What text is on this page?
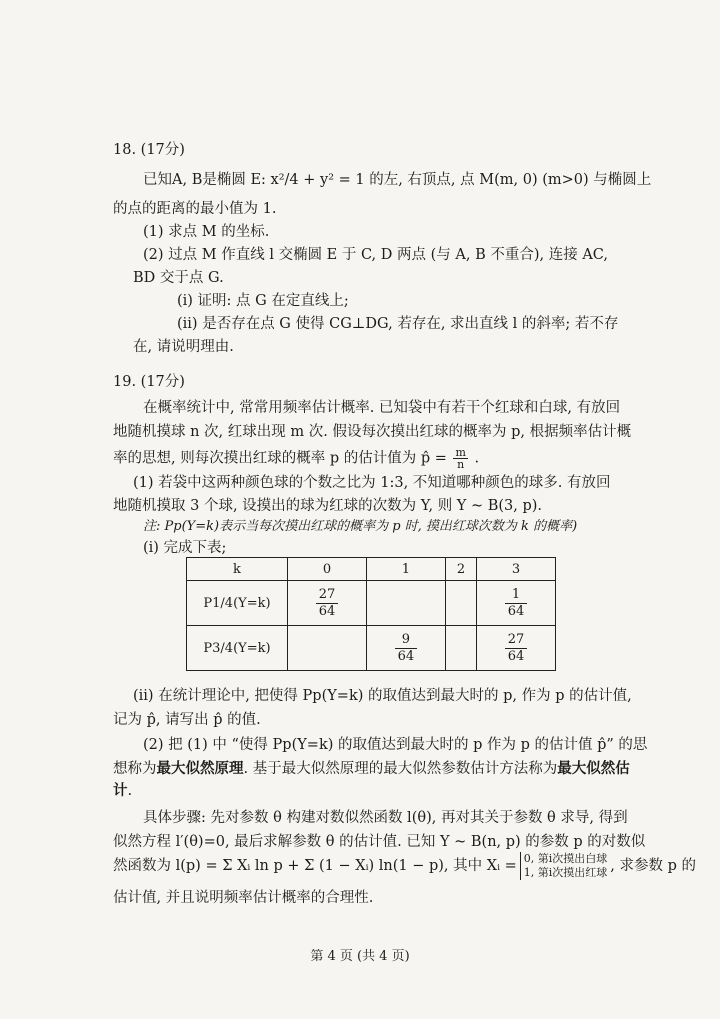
18. (17分)
已知A, B是椭圆 E: x²/4 + y² = 1 的左, 右顶点, 点 M(m, 0) (m>0) 与椭圆上
的点的距离的最小值为 1.
(1) 求点 M 的坐标.
(2) 过点 M 作直线 l 交椭圆 E 于 C, D 两点 (与 A, B 不重合), 连接 AC,
BD 交于点 G.
(i) 证明: 点 G 在定直线上;
(ii) 是否存在点 G 使得 CG⊥DG, 若存在, 求出直线 l 的斜率; 若不存
在, 请说明理由.
19. (17分)
在概率统计中, 常常用频率估计概率. 已知袋中有若干个红球和白球, 有放回
地随机摸球 n 次, 红球出现 m 次. 假设每次摸出红球的概率为 p, 根据频率估计概
率的思想, 则每次摸出红球的概率 p 的估计值为 p̂ = $\frac{m}{n}$ .
(1) 若袋中这两种颜色球的个数之比为 1:3, 不知道哪种颜色的球多. 有放回
地随机摸取 3 个球, 设摸出的球为红球的次数为 Y, 则 Y ~ B(3, p).
注: Pp(Y=k)表示当每次摸出红球的概率为 p 时, 摸出红球次数为 k 的概率)
(i) 完成下表;
k	0	1	2	3
P1/4(Y=k)	$\frac{27}{64}$			$\frac{1}{64}$

P3/4(Y=k)		$\frac{9}{64}$		$\frac{27}{64}$
(ii) 在统计理论中, 把使得 Pp(Y=k) 的取值达到最大时的 p, 作为 p 的估计值,
记为 p̂, 请写出 p̂ 的值.
(2) 把 (1) 中 “使得 Pp(Y=k) 的取值达到最大时的 p 作为 p 的估计值 p̂” 的思
想称为最大似然原理. 基于最大似然原理的最大似然参数估计方法称为最大似然估
计.
具体步骤: 先对参数 θ 构建对数似然函数 l(θ), 再对其关于参数 θ 求导, 得到
似然方程 l′(θ)=0, 最后求解参数 θ 的估计值. 已知 Y ~ B(n, p) 的参数 p 的对数似
然函数为 l(p) = Σ Xᵢ ln p + Σ (1 − Xᵢ) ln(1 − p), 其中 Xᵢ = 0, 第i次摸出白球
1, 第i次摸出红球 , 求参数 p 的
估计值, 并且说明频率估计概率的合理性.
第 4 页 (共 4 页)
